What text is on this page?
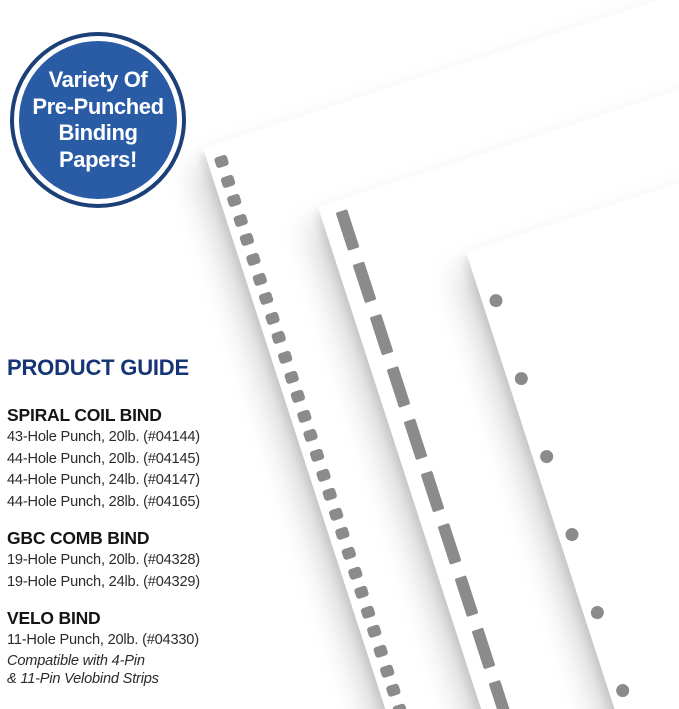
Variety Of
Pre-Punched
Binding
Papers!
PRODUCT GUIDE
SPIRAL COIL BIND

43-Hole Punch, 20lb. (#04144)

44-Hole Punch, 20lb. (#04145)

44-Hole Punch, 24lb. (#04147)

44-Hole Punch, 28lb. (#04165)

GBC COMB BIND

19-Hole Punch, 20lb. (#04328)

19-Hole Punch, 24lb. (#04329)

VELO BIND

11-Hole Punch, 20lb. (#04330)

Compatible with 4-Pin

& 11-Pin Velobind Strips
